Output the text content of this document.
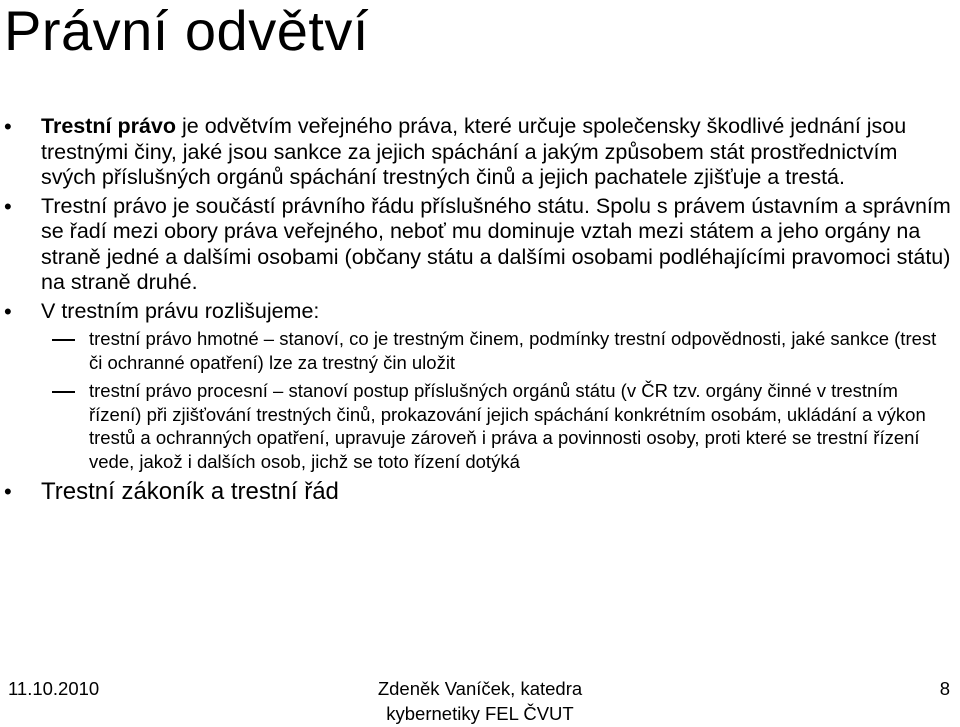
Právní odvětví
• Trestní právo je odvětvím veřejného práva, které určuje společensky škodlivé jednání jsou trestnými činy, jaké jsou sankce za jejich spáchání a jakým způsobem stát prostřednictvím svých příslušných orgánů spáchání trestných činů a jejich pachatele zjišťuje a trestá.
• Trestní právo je součástí právního řádu příslušného státu. Spolu s právem ústavním a správním se řadí mezi obory práva veřejného, neboť mu dominuje vztah mezi státem a jeho orgány na straně jedné a dalšími osobami (občany státu a dalšími osobami podléhajícími pravomoci státu) na straně druhé.
• V trestním právu rozlišujeme:
trestní právo hmotné – stanoví, co je trestným činem, podmínky trestní odpovědnosti, jaké sankce (trest či ochranné opatření) lze za trestný čin uložit
trestní právo procesní – stanoví postup příslušných orgánů státu (v ČR tzv. orgány činné v trestním řízení) při zjišťování trestných činů, prokazování jejich spáchání konkrétním osobám, ukládání a výkon trestů a ochranných opatření, upravuje zároveň i práva a povinnosti osoby, proti které se trestní řízení vede, jakož i dalších osob, jichž se toto řízení dotýká
• Trestní zákoník a trestní řád
11.10.2010	Zdeněk Vaníček, katedra
kybernetiky FEL ČVUT
8
